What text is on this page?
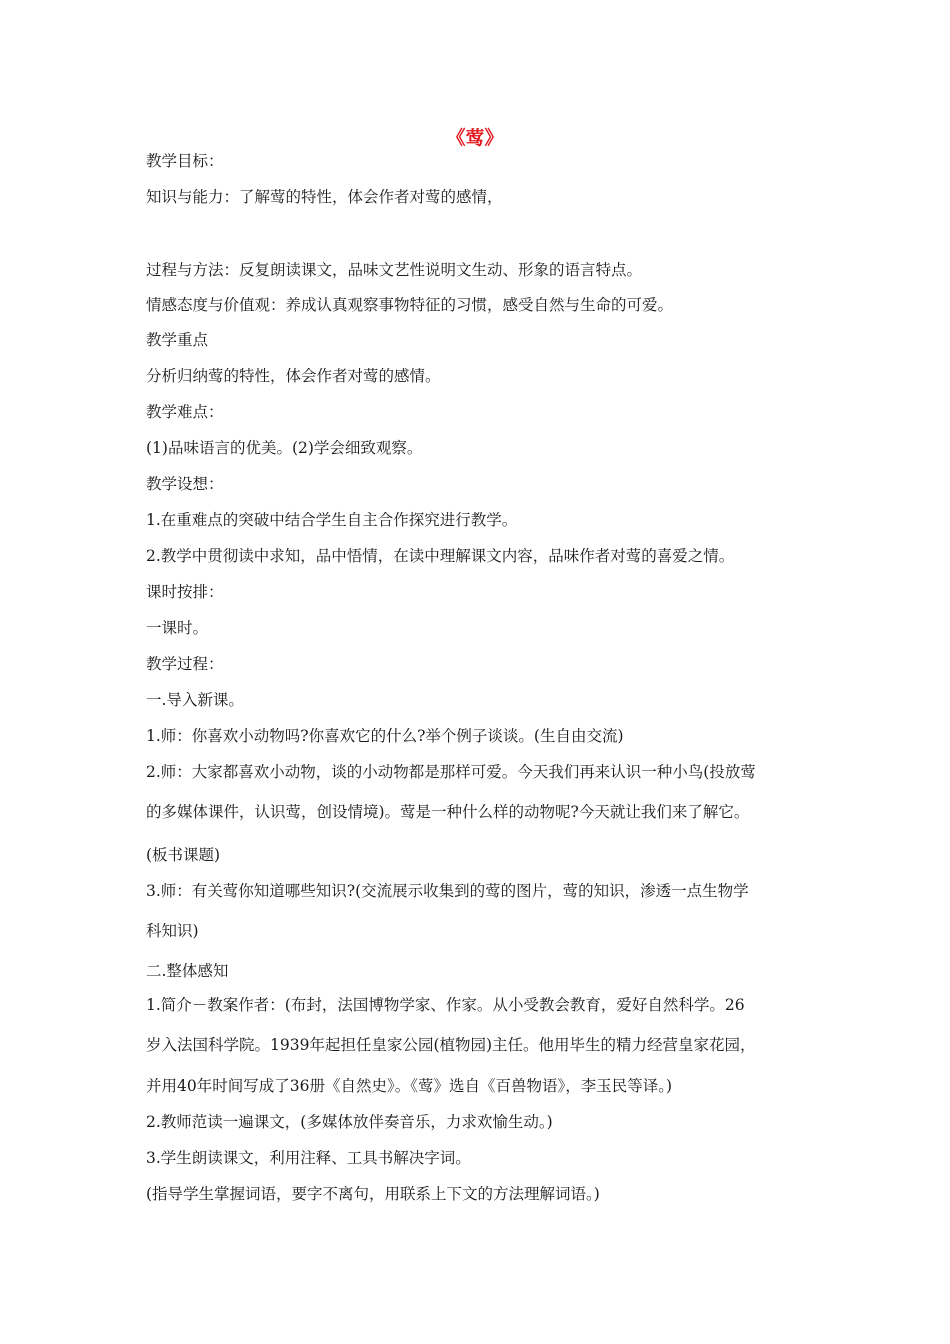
《莺》
教学目标：
知识与能力：了解莺的特性，体会作者对莺的感情，
过程与方法：反复朗读课文，品味文艺性说明文生动、形象的语言特点。
情感态度与价值观：养成认真观察事物特征的习惯，感受自然与生命的可爱。
教学重点
分析归纳莺的特性，体会作者对莺的感情。
教学难点：
(1)品味语言的优美。(2)学会细致观察。
教学设想：
1.在重难点的突破中结合学生自主合作探究进行教学。
2.教学中贯彻读中求知，品中悟情，在读中理解课文内容，品味作者对莺的喜爱之情。
课时按排：
一课时。
教学过程：
一.导入新课。
1.师：你喜欢小动物吗?你喜欢它的什么?举个例子谈谈。(生自由交流)
2.师：大家都喜欢小动物，谈的小动物都是那样可爱。今天我们再来认识一种小鸟(投放莺
的多媒体课件，认识莺，创设情境)。莺是一种什么样的动物呢?今天就让我们来了解它。
(板书课题)
3.师：有关莺你知道哪些知识?(交流展示收集到的莺的图片，莺的知识，渗透一点生物学
科知识)
二.整体感知
1.简介－教案作者：(布封，法国博物学家、作家。从小受教会教育，爱好自然科学。26
岁入法国科学院。1939年起担任皇家公园(植物园)主任。他用毕生的精力经营皇家花园，
并用40年时间写成了36册《自然史》。《莺》选自《百兽物语》，李玉民等译。)
2.教师范读一遍课文，(多媒体放伴奏音乐，力求欢愉生动。)
3.学生朗读课文，利用注释、工具书解决字词。
(指导学生掌握词语，要字不离句，用联系上下文的方法理解词语。)
